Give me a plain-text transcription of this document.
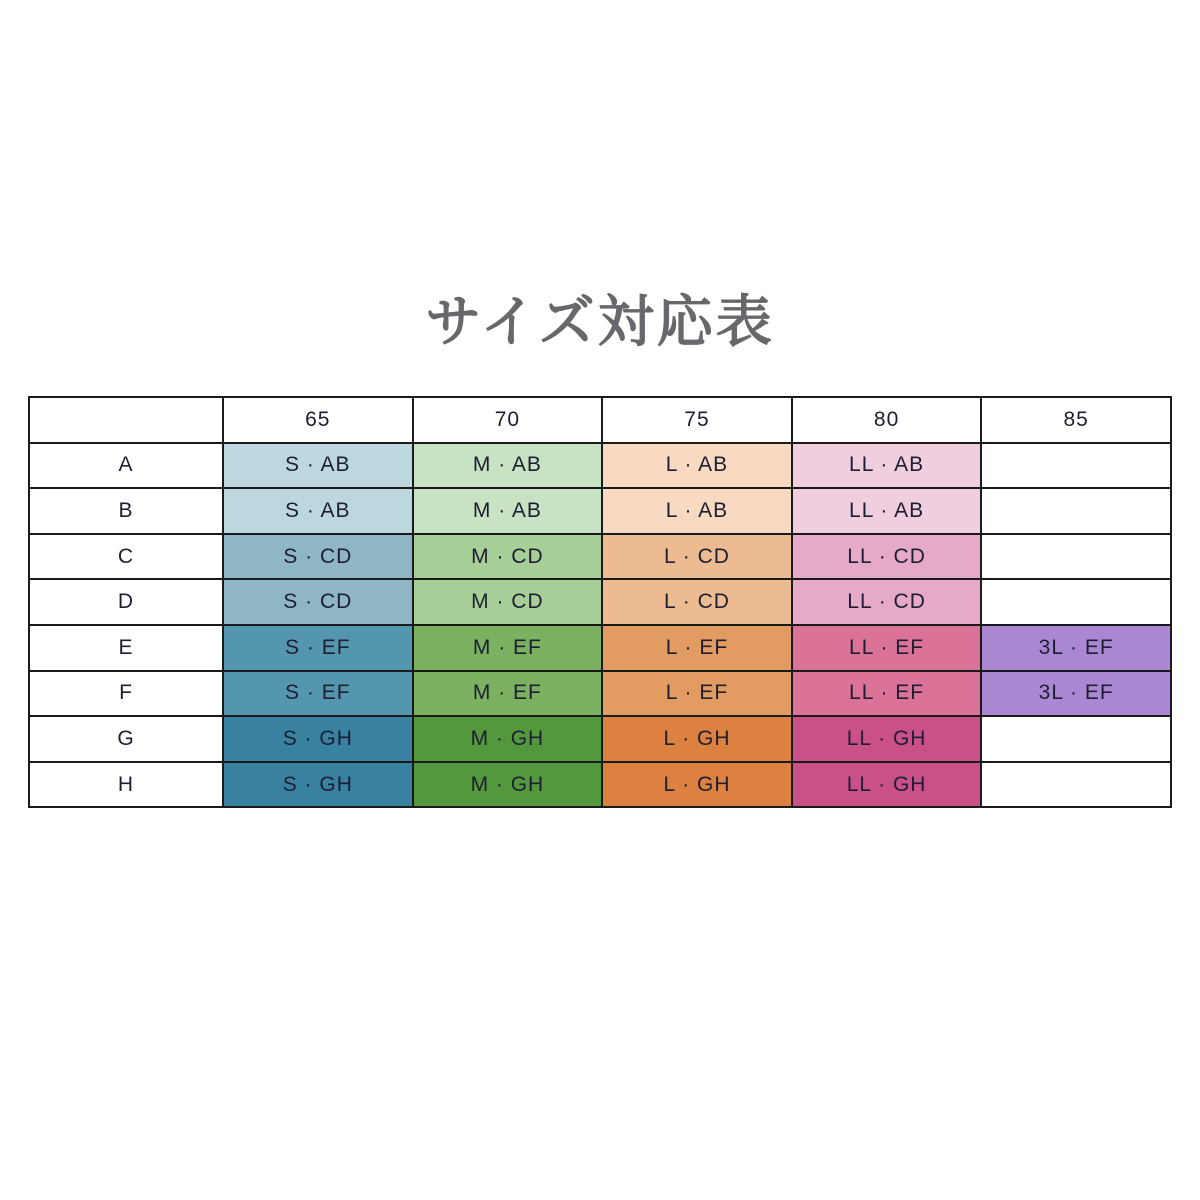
サイズ対応表
	65	70	75	80	85
A	S · AB	M · AB	L · AB	LL · AB	
B	S · AB	M · AB	L · AB	LL · AB	
C	S · CD	M · CD	L · CD	LL · CD	
D	S · CD	M · CD	L · CD	LL · CD	
E	S · EF	M · EF	L · EF	LL · EF	3L · EF
F	S · EF	M · EF	L · EF	LL · EF	3L · EF
G	S · GH	M · GH	L · GH	LL · GH	
H	S · GH	M · GH	L · GH	LL · GH	
